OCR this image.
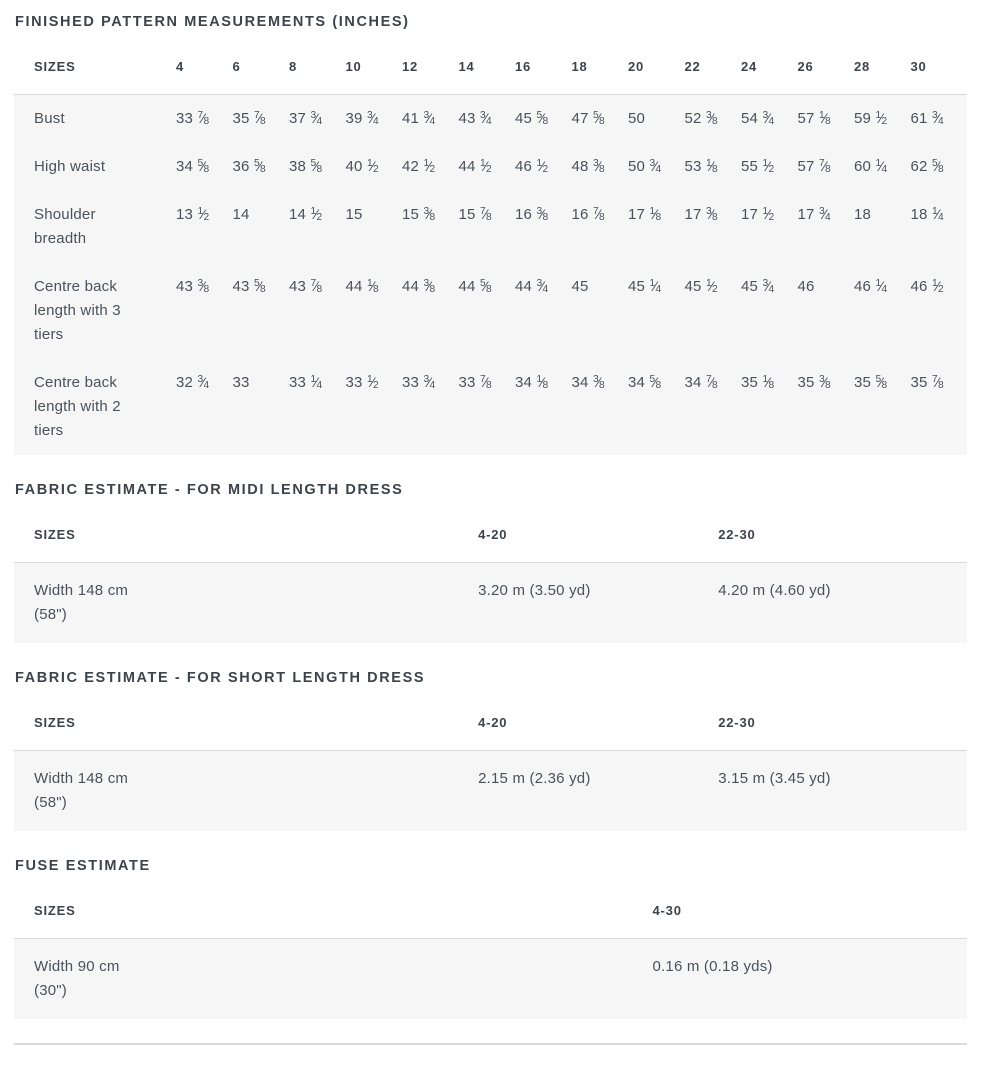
FINISHED PATTERN MEASUREMENTS (INCHES)
SIZES	4	6	8	10	12	14	16	18	20	22	24	26	28	30

Bust	33 $^7⁄_8$	35 $^7⁄_8$	37 $^3⁄_4$	39 $^3⁄_4$	41 $^3⁄_4$	43 $^3⁄_4$	45 $^5⁄_8$	47 $^5⁄_8$	50	52 $^3⁄_8$	54 $^3⁄_4$	57 $^1⁄_8$	59 $^1⁄_2$	61 $^3⁄_4$

High waist	34 $^5⁄_8$	36 $^5⁄_8$	38 $^5⁄_8$	40 $^1⁄_2$	42 $^1⁄_2$	44 $^1⁄_2$	46 $^1⁄_2$	48 $^3⁄_8$	50 $^3⁄_4$	53 $^1⁄_8$	55 $^1⁄_2$	57 $^7⁄_8$	60 $^1⁄_4$	62 $^5⁄_8$

Shoulder breadth	13 $^1⁄_2$	14	14 $^1⁄_2$	15	15 $^3⁄_8$	15 $^7⁄_8$	16 $^3⁄_8$	16 $^7⁄_8$	17 $^1⁄_8$	17 $^3⁄_8$	17 $^1⁄_2$	17 $^3⁄_4$	18	18 $^1⁄_4$

Centre back length with 3 tiers	43 $^3⁄_8$	43 $^5⁄_8$	43 $^7⁄_8$	44 $^1⁄_8$	44 $^3⁄_8$	44 $^5⁄_8$	44 $^3⁄_4$	45	45 $^1⁄_4$	45 $^1⁄_2$	45 $^3⁄_4$	46	46 $^1⁄_4$	46 $^1⁄_2$

Centre back length with 2 tiers	32 $^3⁄_4$	33	33 $^1⁄_4$	33 $^1⁄_2$	33 $^3⁄_4$	33 $^7⁄_8$	34 $^1⁄_8$	34 $^3⁄_8$	34 $^5⁄_8$	34 $^7⁄_8$	35 $^1⁄_8$	35 $^3⁄_8$	35 $^5⁄_8$	35 $^7⁄_8$
FABRIC ESTIMATE - FOR MIDI LENGTH DRESS
SIZES	4-20	22-30

Width 148 cm (58")	3.20 m (3.50 yd)	4.20 m (4.60 yd)
FABRIC ESTIMATE - FOR SHORT LENGTH DRESS
SIZES	4-20	22-30

Width 148 cm (58")	2.15 m (2.36 yd)	3.15 m (3.45 yd)
FUSE ESTIMATE
SIZES	4-30

Width 90 cm (30")	0.16 m (0.18 yds)
